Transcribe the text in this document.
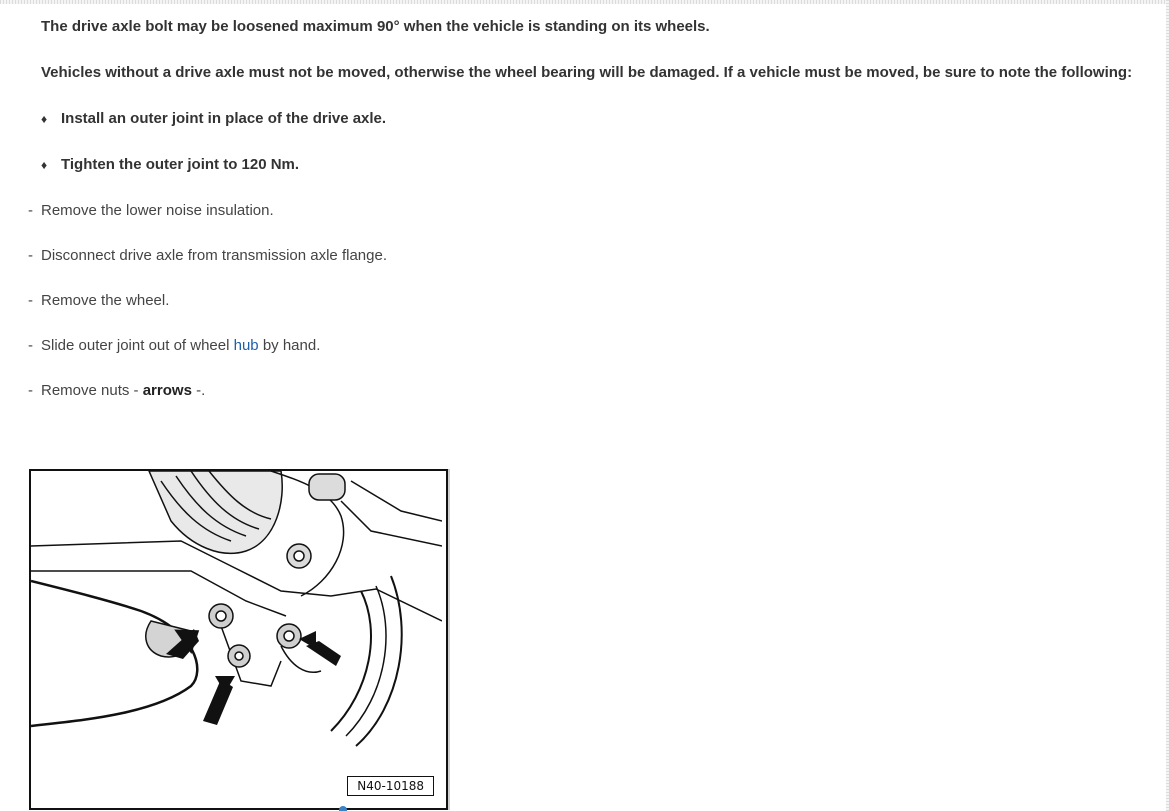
The drive axle bolt may be loosened maximum 90° when the vehicle is standing on its wheels.
Vehicles without a drive axle must not be moved, otherwise the wheel bearing will be damaged. If a vehicle must be moved, be sure to note the following:
♦ Install an outer joint in place of the drive axle.
♦ Tighten the outer joint to 120 Nm.
- Remove the lower noise insulation.
- Disconnect drive axle from transmission axle flange.
- Remove the wheel.
- Slide outer joint out of wheel hub by hand.
- Remove nuts - arrows -.
N40-10188
